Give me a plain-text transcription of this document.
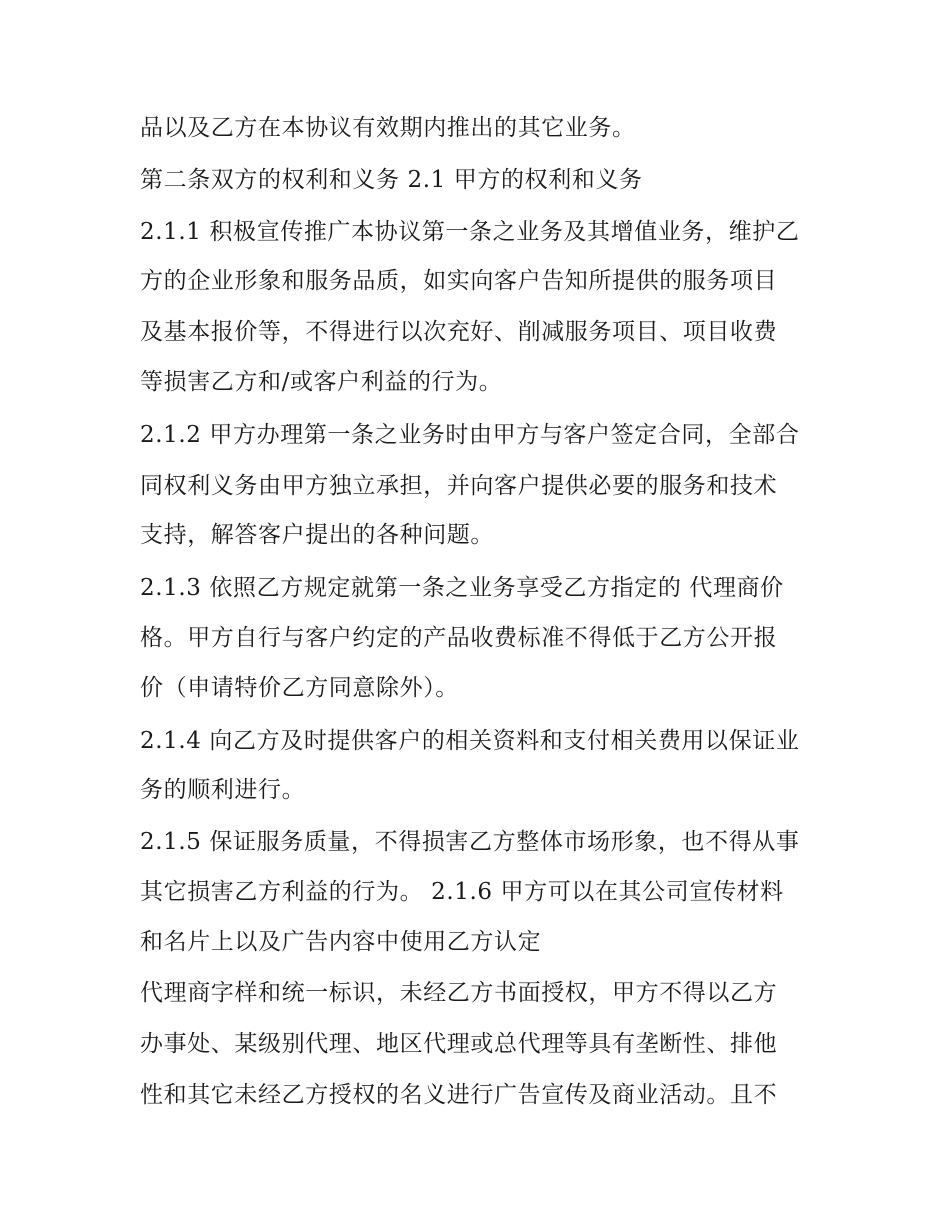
品以及乙方在本协议有效期内推出的其它业务。
第二条双方的权利和义务 2.1 甲方的权利和义务
2.1.1 积极宣传推广本协议第一条之业务及其增值业务，维护乙
方的企业形象和服务品质，如实向客户告知所提供的服务项目
及基本报价等，不得进行以次充好、削减服务项目、项目收费
等损害乙方和/或客户利益的行为。
2.1.2 甲方办理第一条之业务时由甲方与客户签定合同，全部合
同权利义务由甲方独立承担，并向客户提供必要的服务和技术
支持，解答客户提出的各种问题。
2.1.3 依照乙方规定就第一条之业务享受乙方指定的 代理商价
格。甲方自行与客户约定的产品收费标准不得低于乙方公开报
价（申请特价乙方同意除外）。
2.1.4 向乙方及时提供客户的相关资料和支付相关费用以保证业
务的顺利进行。
2.1.5 保证服务质量，不得损害乙方整体市场形象，也不得从事
其它损害乙方利益的行为。 2.1.6 甲方可以在其公司宣传材料
和名片上以及广告内容中使用乙方认定
代理商字样和统一标识，未经乙方书面授权，甲方不得以乙方
办事处、某级别代理、地区代理或总代理等具有垄断性、排他
性和其它未经乙方授权的名义进行广告宣传及商业活动。且不
